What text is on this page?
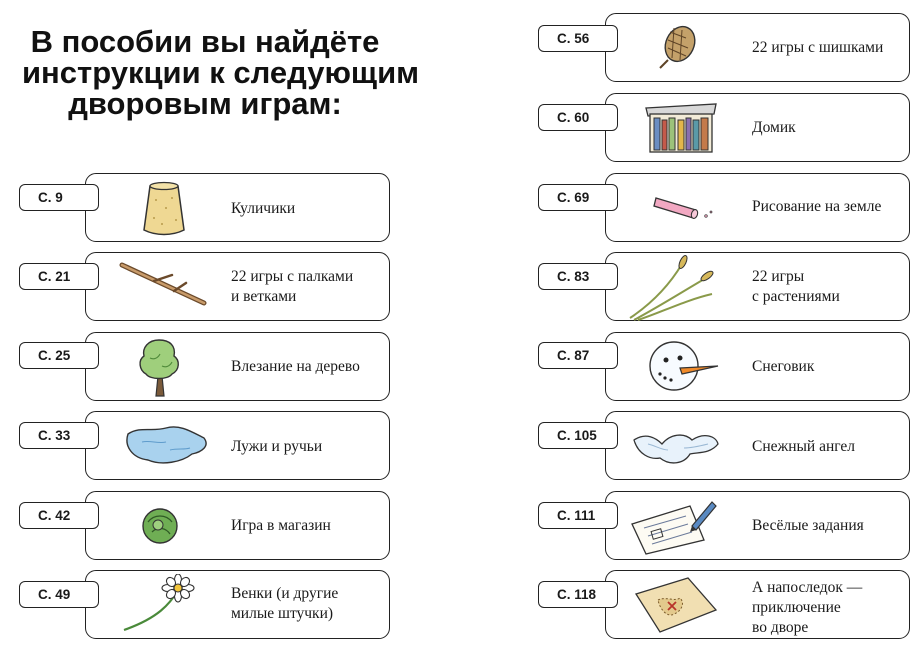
В пособии вы найдёте
инструкции к следующим
дворовым играм:
С. 9
Куличики
С. 21	22 игры с палками
и ветками
С. 25
Влезание на дерево
С. 33
Лужи и ручьи
С. 42
Игра в магазин
С. 49	Венки (и другие
милые штучки)
С. 56
22 игры с шишками
С. 60
Домик
С. 69
Рисование на земле
С. 83	22 игры
с растениями
С. 87
Снеговик
С. 105
Снежный ангел
С. 111
Весёлые задания
С. 118	А напоследок —
приключение
во дворе
